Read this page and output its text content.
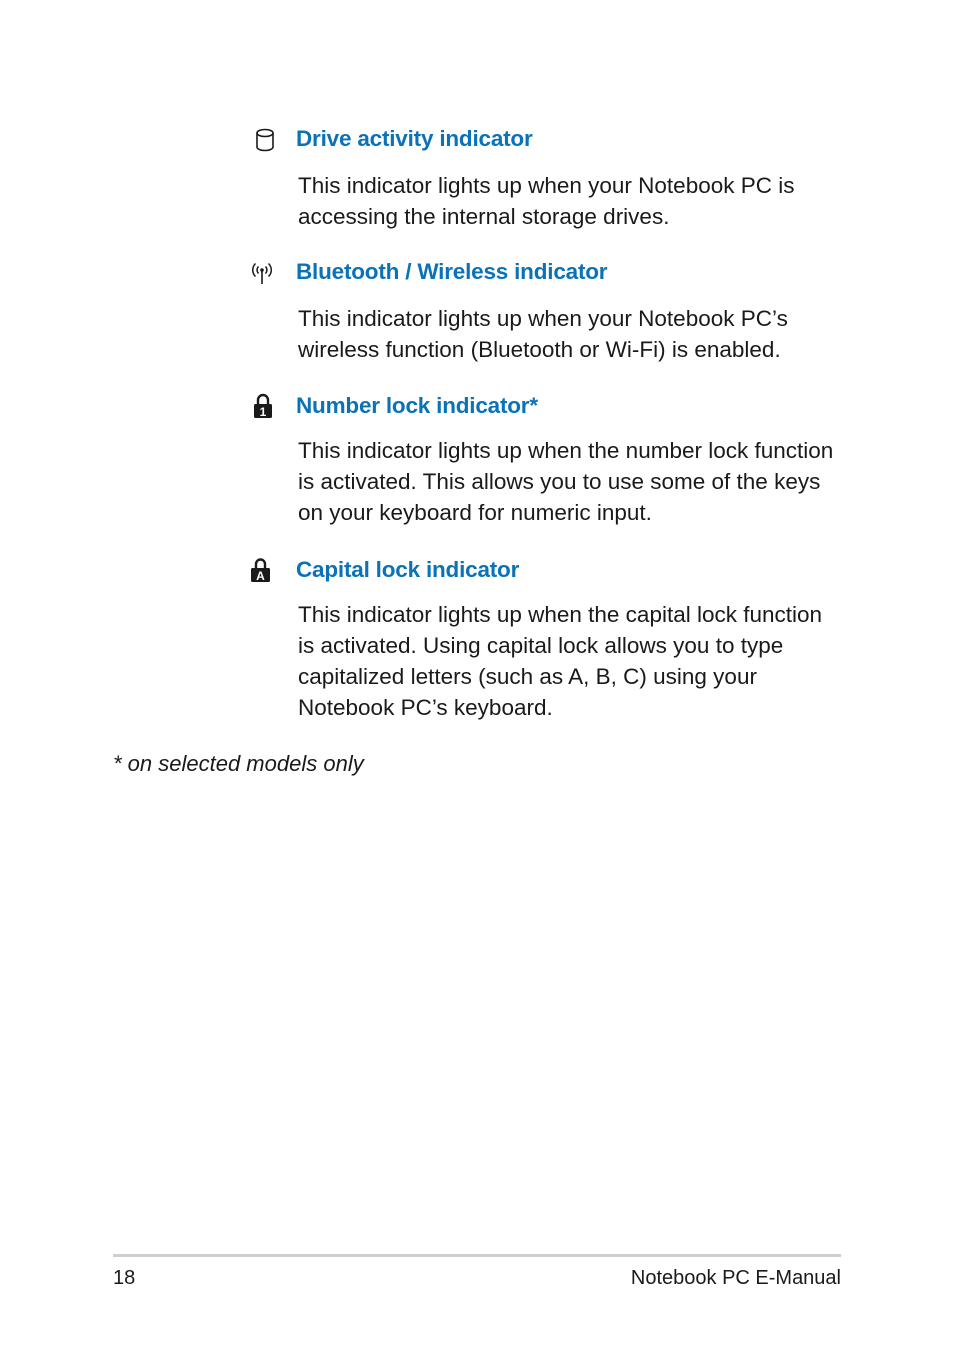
Drive activity indicator

This indicator lights up when your Notebook PC is accessing the internal storage drives.

Bluetooth / Wireless indicator

This indicator lights up when your Notebook PC’s wireless function (Bluetooth or Wi-Fi) is enabled.

1 Number lock indicator*

This indicator lights up when the number lock function is activated. This allows you to use some of the keys on your keyboard for numeric input.

A Capital lock indicator

This indicator lights up when the capital lock function is activated. Using capital lock allows you to type capitalized letters (such as A, B, C) using your Notebook PC’s keyboard.

* on selected models only
18	Notebook PC E-Manual
